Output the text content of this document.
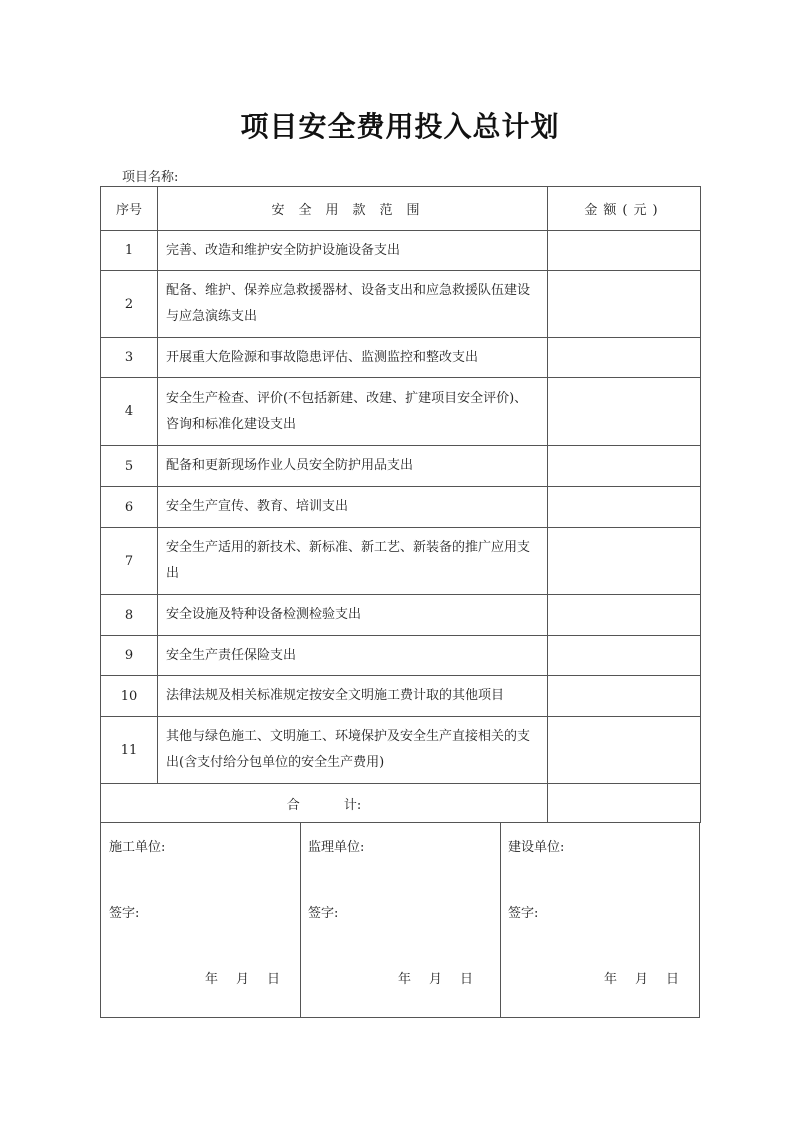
项目安全费用投入总计划
项目名称:
序号	安全用款范围	金额(元)
1	完善、改造和维护安全防护设施设备支出	
2	配备、维护、保养应急救援器材、设备支出和应急救援队伍建设与应急演练支出	
3	开展重大危险源和事故隐患评估、监测监控和整改支出	
4	安全生产检查、评价(不包括新建、改建、扩建项目安全评价)、咨询和标准化建设支出	
5	配备和更新现场作业人员安全防护用品支出	
6	安全生产宣传、教育、培训支出	
7	安全生产适用的新技术、新标准、新工艺、新装备的推广应用支出	
8	安全设施及特种设备检测检验支出	
9	安全生产责任保险支出	
10	法律法规及相关标准规定按安全文明施工费计取的其他项目	
11	其他与绿色施工、文明施工、环境保护及安全生产直接相关的支出(含支付给分包单位的安全生产费用)	
合 计:		
施工单位:
签字:
年 月 日
监理单位:
签字:
年 月 日
建设单位:
签字:
年 月 日
